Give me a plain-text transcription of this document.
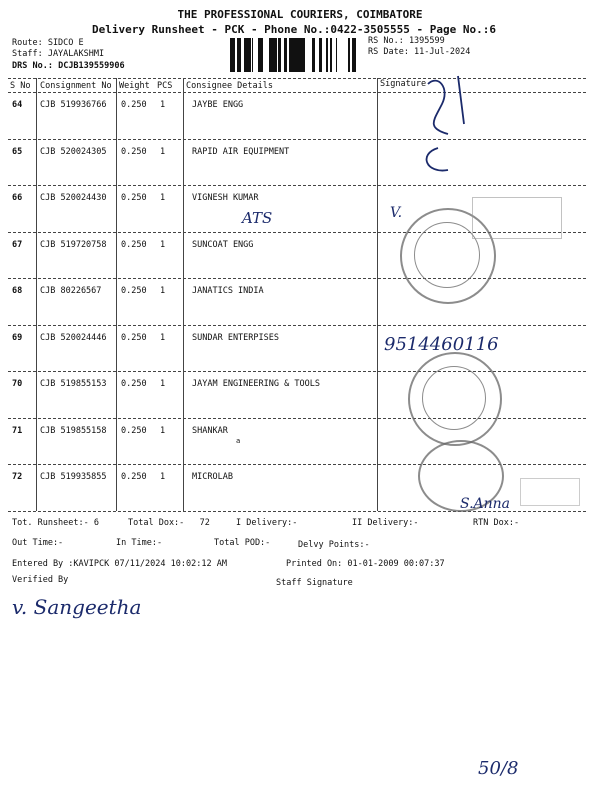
THE PROFESSIONAL COURIERS, COIMBATORE
Delivery Runsheet - PCK - Phone No.:0422-3505555 - Page No.:6
Route: SIDCO E
Staff: JAYALAKSHMI
DRS No.: DCJB139559906
RS No.: 1395599
RS Date: 11-Jul-2024
S No Consignment No Weight PCS Consignee Details	Signature
64 CJB 519936766 0.250 1	JAYBE ENGG
65 CJB 520024305 0.250 1	RAPID AIR EQUIPMENT
66 CJB 520024430 0.250 1	VIGNESH KUMAR
67 CJB 519720758 0.250 1	SUNCOAT ENGG
68 CJB 80226567 0.250 1	JANATICS INDIA
69 CJB 520024446 0.250 1	SUNDAR ENTERPISES
70 CJB 519855153 0.250 1	JAYAM ENGINEERING & TOOLS
71 CJB 519855158 0.250 1	SHANKAR
72 CJB 519935855 0.250 1	MICROLAB
a
Tot. Runsheet:- 6	Total Dox:- 72	I Delivery:-	II Delivery:-	RTN Dox:-
Out Time:-	In Time:-	Total POD:-	Delvy Points:-
Entered By :KAVIPCK 07/11/2024 10:02:12 AM	Printed On: 01-01-2009 00:07:37
Verified By	Staff Signature
ATS	V.
9514460116
v. Sangeetha
S.Anna
50/8
